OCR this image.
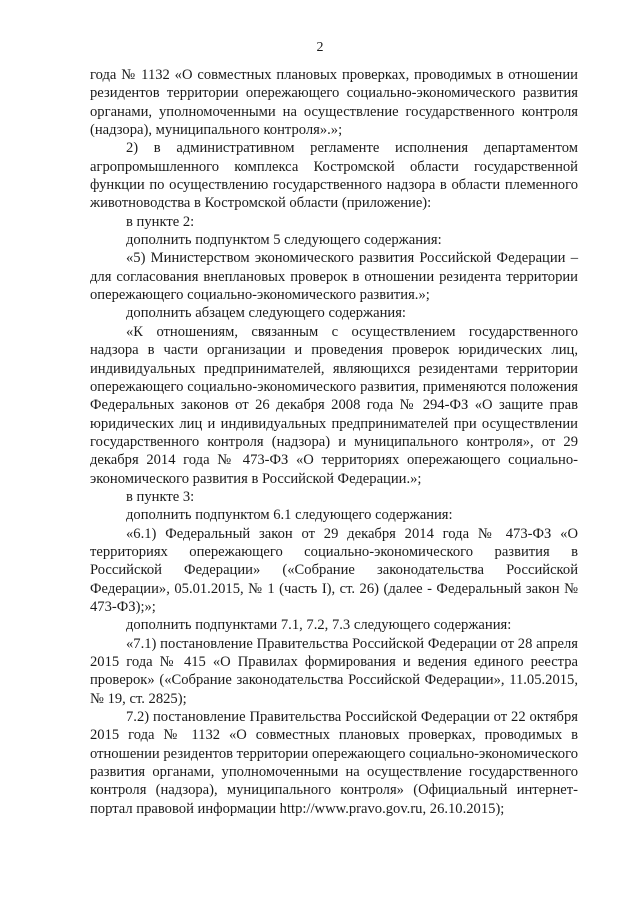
2

года № 1132 «О совместных плановых проверках, проводимых в отношении резидентов территории опережающего социально-экономического развития органами, уполномоченными на осуществление государственного контроля (надзора), муниципального контроля».»;

2) в административном регламенте исполнения департаментом агропромышленного комплекса Костромской области государственной функции по осуществлению государственного надзора в области племенного животноводства в Костромской области (приложение):

в пункте 2:

дополнить подпунктом 5 следующего содержания:

«5) Министерством экономического развития Российской Федерации – для согласования внеплановых проверок в отношении резидента территории опережающего социально-экономического развития.»;

дополнить абзацем следующего содержания:

«К отношениям, связанным с осуществлением государственного надзора в части организации и проведения проверок юридических лиц, индивидуальных предпринимателей, являющихся резидентами территории опережающего социально-экономического развития, применяются положения Федеральных законов от 26 декабря 2008 года № 294-ФЗ «О защите прав юридических лиц и индивидуальных предпринимателей при осуществлении государственного контроля (надзора) и муниципального контроля», от 29 декабря 2014 года № 473-ФЗ «О территориях опережающего социально-экономического развития в Российской Федерации.»;

в пункте 3:

дополнить подпунктом 6.1 следующего содержания:

«6.1) Федеральный закон от 29 декабря 2014 года № 473-ФЗ «О территориях опережающего социально-экономического развития в Российской Федерации» («Собрание законодательства Российской Федерации», 05.01.2015, № 1 (часть I), ст. 26) (далее - Федеральный закон № 473-ФЗ);»;

дополнить подпунктами 7.1, 7.2, 7.3 следующего содержания:

«7.1) постановление Правительства Российской Федерации от 28 апреля 2015 года № 415 «О Правилах формирования и ведения единого реестра проверок» («Собрание законодательства Российской Федерации», 11.05.2015, № 19, ст. 2825);

7.2) постановление Правительства Российской Федерации от 22 октября 2015 года № 1132 «О совместных плановых проверках, проводимых в отношении резидентов территории опережающего социально-экономического развития органами, уполномоченными на осуществление государственного контроля (надзора), муниципального контроля» (Официальный интернет-портал правовой информации http://www.pravo.gov.ru, 26.10.2015);
